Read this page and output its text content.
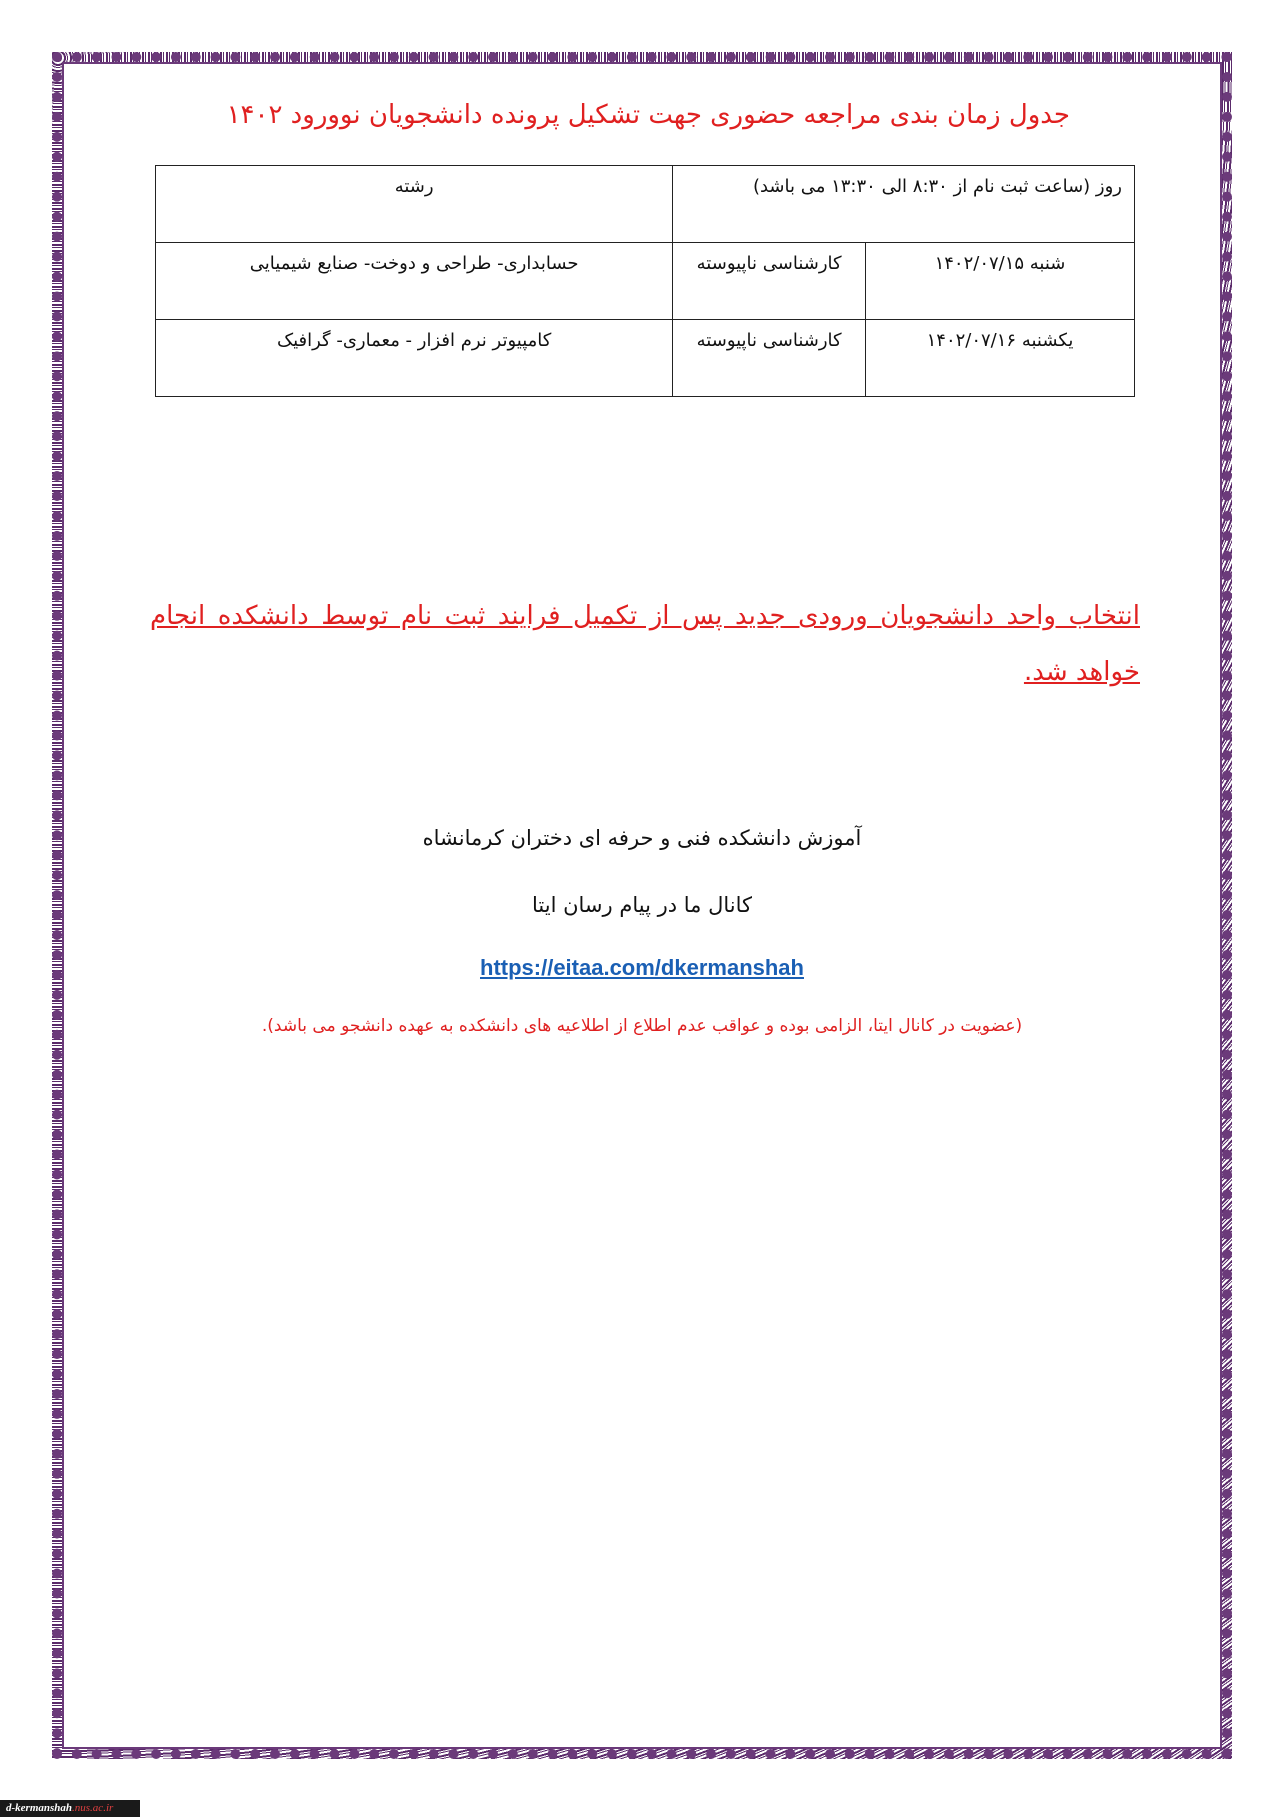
جدول زمان بندی مراجعه حضوری جهت تشکیل پرونده دانشجویان نوورود ۱۴۰۲
روز (ساعت ثبت نام از ۸:۳۰ الی ۱۳:۳۰ می باشد)		رشته
شنبه ۱۴۰۲/۰۷/۱۵	کارشناسی ناپیوسته	حسابداری- طراحی و دوخت- صنایع شیمیایی
یکشنبه ۱۴۰۲/۰۷/۱۶	کارشناسی ناپیوسته	کامپیوتر نرم افزار - معماری- گرافیک

انتخاب واحد دانشجویان ورودی جدید پس از تکمیل فرایند ثبت نام توسط دانشکده انجام خواهد شد.

آموزش دانشکده فنی و حرفه ای دختران کرمانشاه

کانال ما در پیام رسان ایتا

https://eitaa.com/dkermanshah

(عضویت در کانال ایتا، الزامی بوده و عواقب عدم اطلاع از اطلاعیه های دانشکده به عهده دانشجو می باشد).

d-kermanshah.nus.ac.ir
